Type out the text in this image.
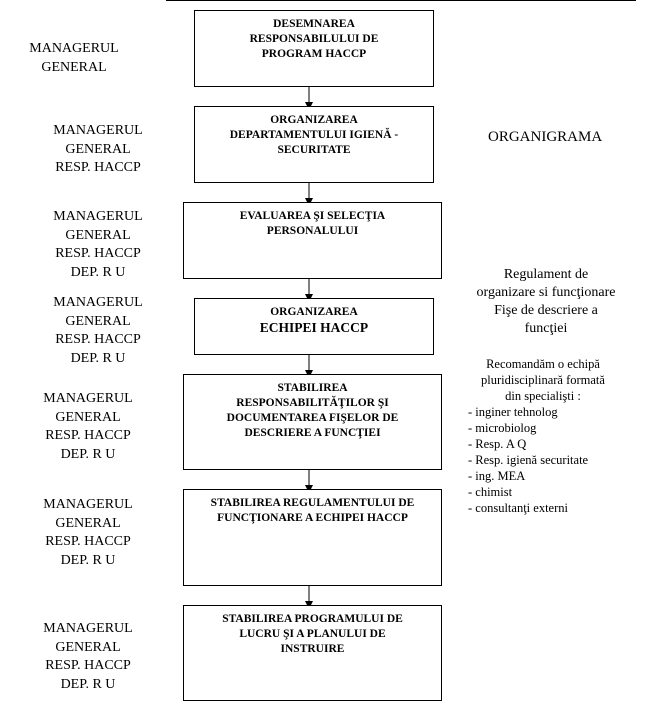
DESEMNAREA
RESPONSABILULUI DE
PROGRAM HACCP
ORGANIZAREA
DEPARTAMENTULUI IGIENĂ -
SECURITATE
EVALUAREA ŞI SELECŢIA
PERSONALULUI
ORGANIZAREA
ECHIPEI HACCP
STABILIREA
RESPONSABILITĂŢILOR ŞI
DOCUMENTAREA FIŞELOR DE
DESCRIERE A FUNCŢIEI
STABILIREA REGULAMENTULUI DE
FUNCŢIONARE A ECHIPEI HACCP
STABILIREA PROGRAMULUI DE
LUCRU ŞI A PLANULUI DE
INSTRUIRE
MANAGERUL
GENERAL
MANAGERUL
GENERAL
RESP. HACCP
MANAGERUL
GENERAL
RESP. HACCP
DEP. R U
MANAGERUL
GENERAL
RESP. HACCP
DEP. R U
MANAGERUL
GENERAL
RESP. HACCP
DEP. R U
MANAGERUL
GENERAL
RESP. HACCP
DEP. R U
MANAGERUL
GENERAL
RESP. HACCP
DEP. R U
ORGANIGRAMA
Regulament de
organizare si funcţionare
Fişe de descriere a
funcţiei
Recomandăm o echipă
pluridisciplinară formată
din specialişti :
- inginer tehnolog
- microbiolog
- Resp. A Q
- Resp. igienă securitate
- ing. MEA
- chimist
- consultanţi externi
